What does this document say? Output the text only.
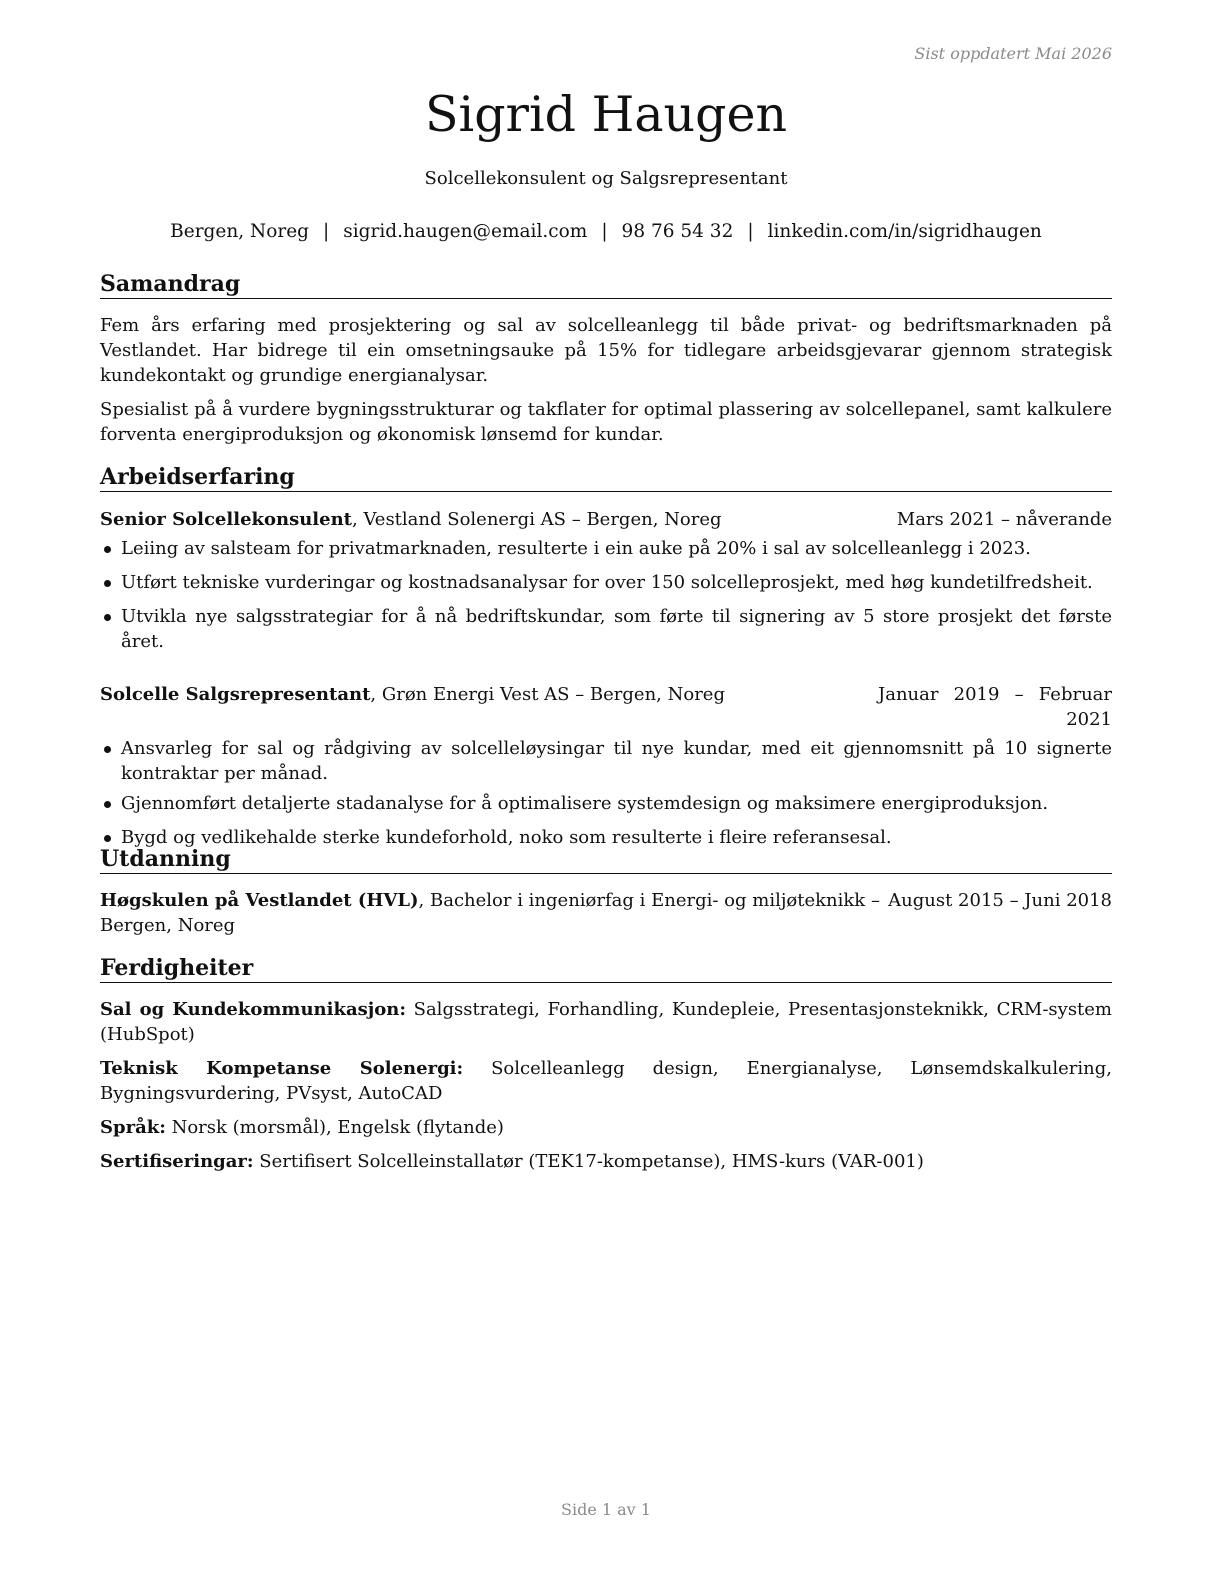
Sist oppdatert Mai 2026
Sigrid Haugen
Solcellekonsulent og Salgsrepresentant
Bergen, Noreg | sigrid.haugen@email.com | 98 76 54 32 | linkedin.com/in/sigridhaugen
Samandrag

Fem års erfaring med prosjektering og sal av solcelleanlegg til både privat- og bedriftsmarknaden på Vestlandet. Har bidrege til ein omsetningsauke på 15% for tidlegare arbeidsgjevarar gjennom strategisk kundekontakt og grundige energianalysar.

Spesialist på å vurdere bygningsstrukturar og takflater for optimal plassering av solcellepanel, samt kalkulere forventa energiproduksjon og økonomisk lønsemd for kundar.

Arbeidserfaring
Senior Solcellekonsulent, Vestland Solenergi AS – Bergen, Noreg	Mars 2021 – nåverande
Leiing av salsteam for privatmarknaden, resulterte i ein auke på 20% i sal av solcelleanlegg i 2023.
Utført tekniske vurderingar og kostnadsanalysar for over 150 solcelleprosjekt, med høg kundetilfredsheit.
Utvikla nye salgsstrategiar for å nå bedriftskundar, som førte til signering av 5 store prosjekt det første året.
Solcelle Salgsrepresentant, Grøn Energi Vest AS – Bergen, Noreg	Januar 2019 – Februar 2021
Ansvarleg for sal og rådgiving av solcelleløysingar til nye kundar, med eit gjennomsnitt på 10 signerte kontraktar per månad.
Gjennomført detaljerte stadanalyse for å optimalisere systemdesign og maksimere energiproduksjon.
Bygd og vedlikehalde sterke kundeforhold, noko som resulterte i fleire referansesal.
Utdanning
August 2015 – Juni 2018
Høgskulen på Vestlandet (HVL), Bachelor i ingeniørfag i Energi- og miljøteknikk – Bergen, Noreg
Ferdigheiter

Sal og Kundekommunikasjon: Salgsstrategi, Forhandling, Kundepleie, Presentasjonsteknikk, CRM-system (HubSpot)

Teknisk Kompetanse Solenergi: Solcelleanlegg design, Energianalyse, Lønsemdskalkulering, Bygningsvurdering, PVsyst, AutoCAD

Språk: Norsk (morsmål), Engelsk (flytande)

Sertifiseringar: Sertifisert Solcelleinstallatør (TEK17-kompetanse), HMS-kurs (VAR-001)

Side 1 av 1
